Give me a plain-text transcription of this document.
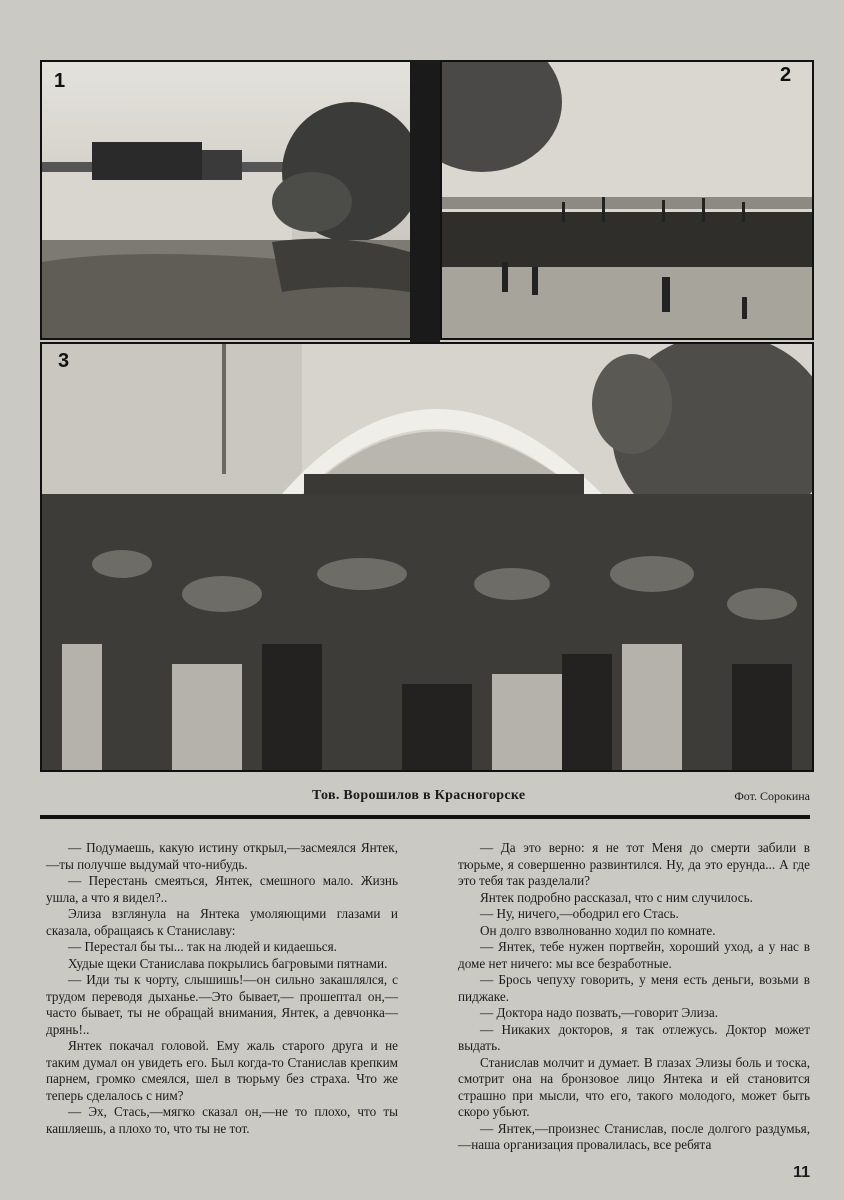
1	2
3
Тов. Ворошилов в Красногорске	Фот. Сорокина

— Подумаешь, какую истину открыл,—засмеялся Янтек,—ты получше выдумай что-нибудь.

— Перестань смеяться, Янтек, смешного мало. Жизнь ушла, а что я видел?..

Элиза взглянула на Янтека умоляющими глазами и сказала, обращаясь к Станиславу:

— Перестал бы ты... так на людей и кидаешься.

Худые щеки Станислава покрылись багровыми пятнами.

— Иди ты к чорту, слышишь!—он сильно закашлялся, с трудом переводя дыханье.—Это бывает,— прошептал он,—часто бывает, ты не обращай внимания, Янтек, а девчонка—дрянь!..

Янтек покачал головой. Ему жаль старого друга и не таким думал он увидеть его. Был когда-то Станислав крепким парнем, громко смеялся, шел в тюрьму без страха. Что же теперь сделалось с ним?

— Эх, Стась,—мягко сказал он,—не то плохо, что ты кашляешь, а плохо то, что ты не тот.

— Да это верно: я не тот Меня до смерти забили в тюрьме, я совершенно развинтился. Ну, да это ерунда... А где это тебя так разделали?

Янтек подробно рассказал, что с ним случилось.

— Ну, ничего,—ободрил его Стась.

Он долго взволнованно ходил по комнате.

— Янтек, тебе нужен портвейн, хороший уход, а у нас в доме нет ничего: мы все безработные.

— Брось чепуху говорить, у меня есть деньги, возьми в пиджаке.

— Доктора надо позвать,—говорит Элиза.

— Никаких докторов, я так отлежусь. Доктор может выдать.

Станислав молчит и думает. В глазах Элизы боль и тоска, смотрит она на бронзовое лицо Янтека и ей становится страшно при мысли, что его, такого молодого, может быть скоро убьют.

— Янтек,—произнес Станислав, после долгого раздумья,—наша организация провалилась, все ребята

11
